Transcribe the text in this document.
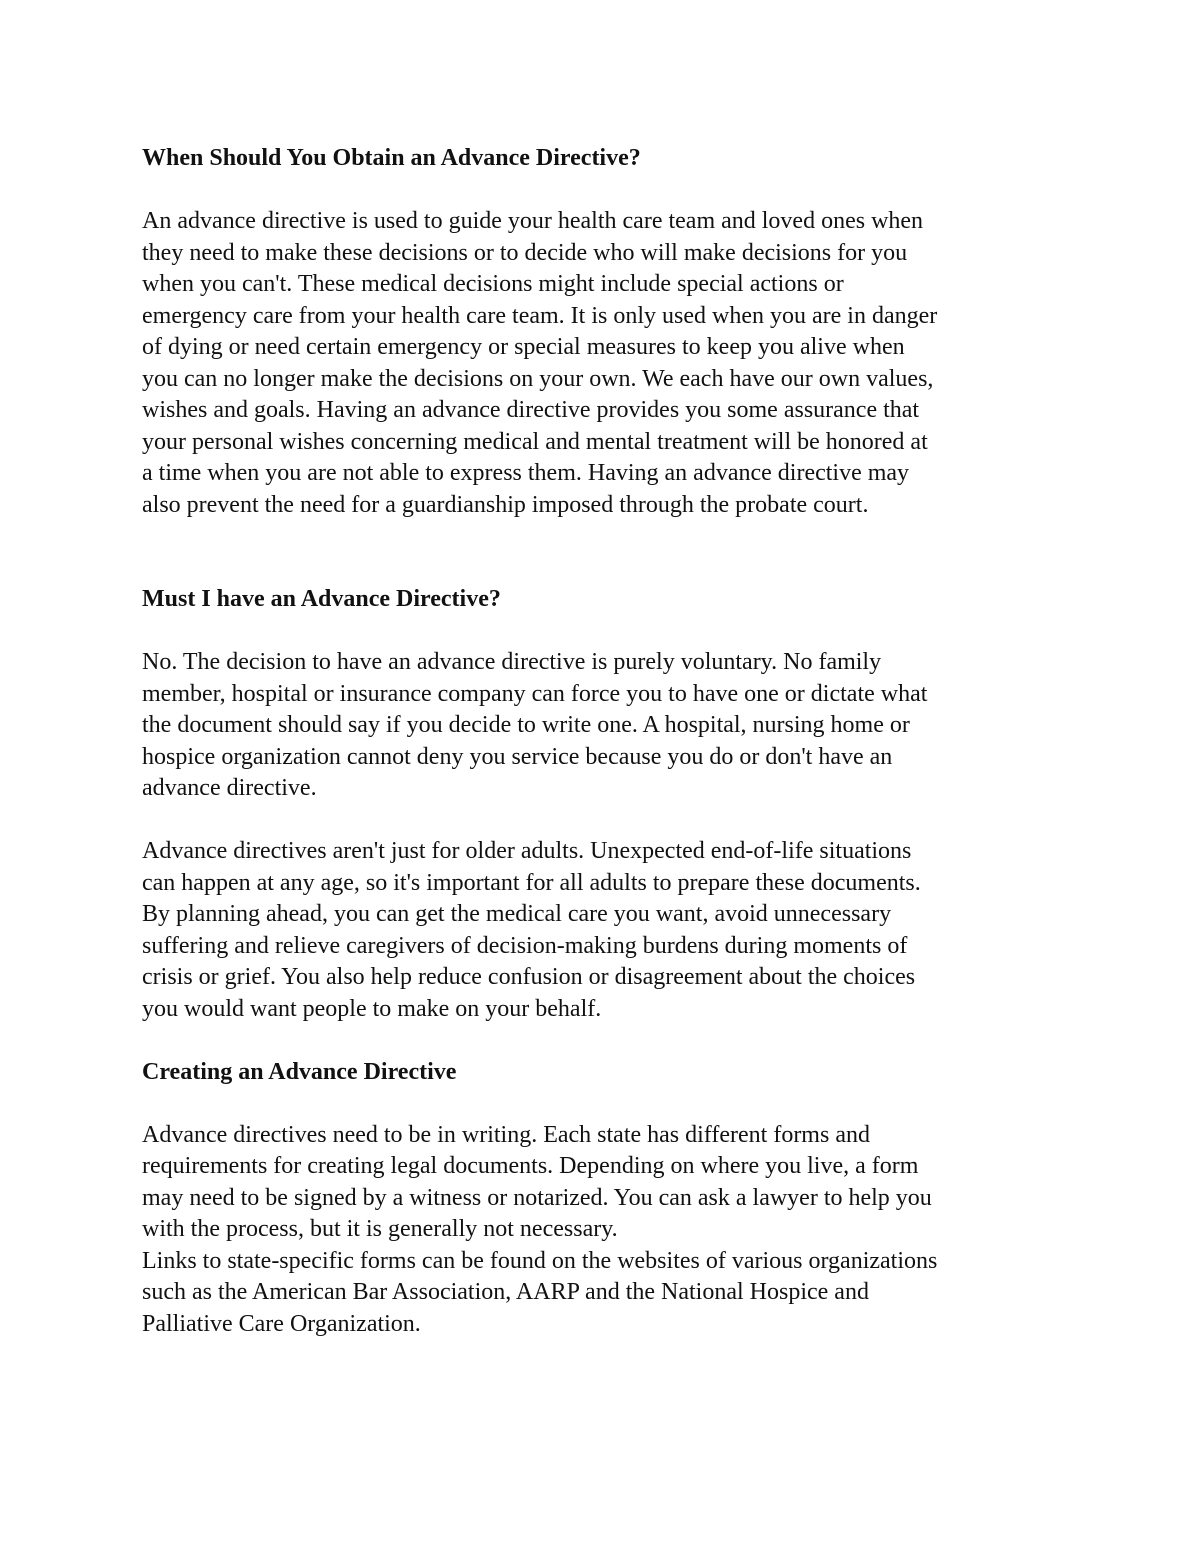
When Should You Obtain an Advance Directive?
An advance directive is used to guide your health care team and loved ones when
they need to make these decisions or to decide who will make decisions for you
when you can't. These medical decisions might include special actions or
emergency care from your health care team. It is only used when you are in danger
of dying or need certain emergency or special measures to keep you alive when
you can no longer make the decisions on your own. We each have our own values,
wishes and goals. Having an advance directive provides you some assurance that
your personal wishes concerning medical and mental treatment will be honored at
a time when you are not able to express them. Having an advance directive may
also prevent the need for a guardianship imposed through the probate court.
Must I have an Advance Directive?
No. The decision to have an advance directive is purely voluntary. No family
member, hospital or insurance company can force you to have one or dictate what
the document should say if you decide to write one. A hospital, nursing home or
hospice organization cannot deny you service because you do or don't have an
advance directive.
Advance directives aren't just for older adults. Unexpected end-of-life situations
can happen at any age, so it's important for all adults to prepare these documents.
By planning ahead, you can get the medical care you want, avoid unnecessary
suffering and relieve caregivers of decision-making burdens during moments of
crisis or grief. You also help reduce confusion or disagreement about the choices
you would want people to make on your behalf.
Creating an Advance Directive
Advance directives need to be in writing. Each state has different forms and
requirements for creating legal documents. Depending on where you live, a form
may need to be signed by a witness or notarized. You can ask a lawyer to help you
with the process, but it is generally not necessary.
Links to state-specific forms can be found on the websites of various organizations
such as the American Bar Association, AARP and the National Hospice and
Palliative Care Organization.
